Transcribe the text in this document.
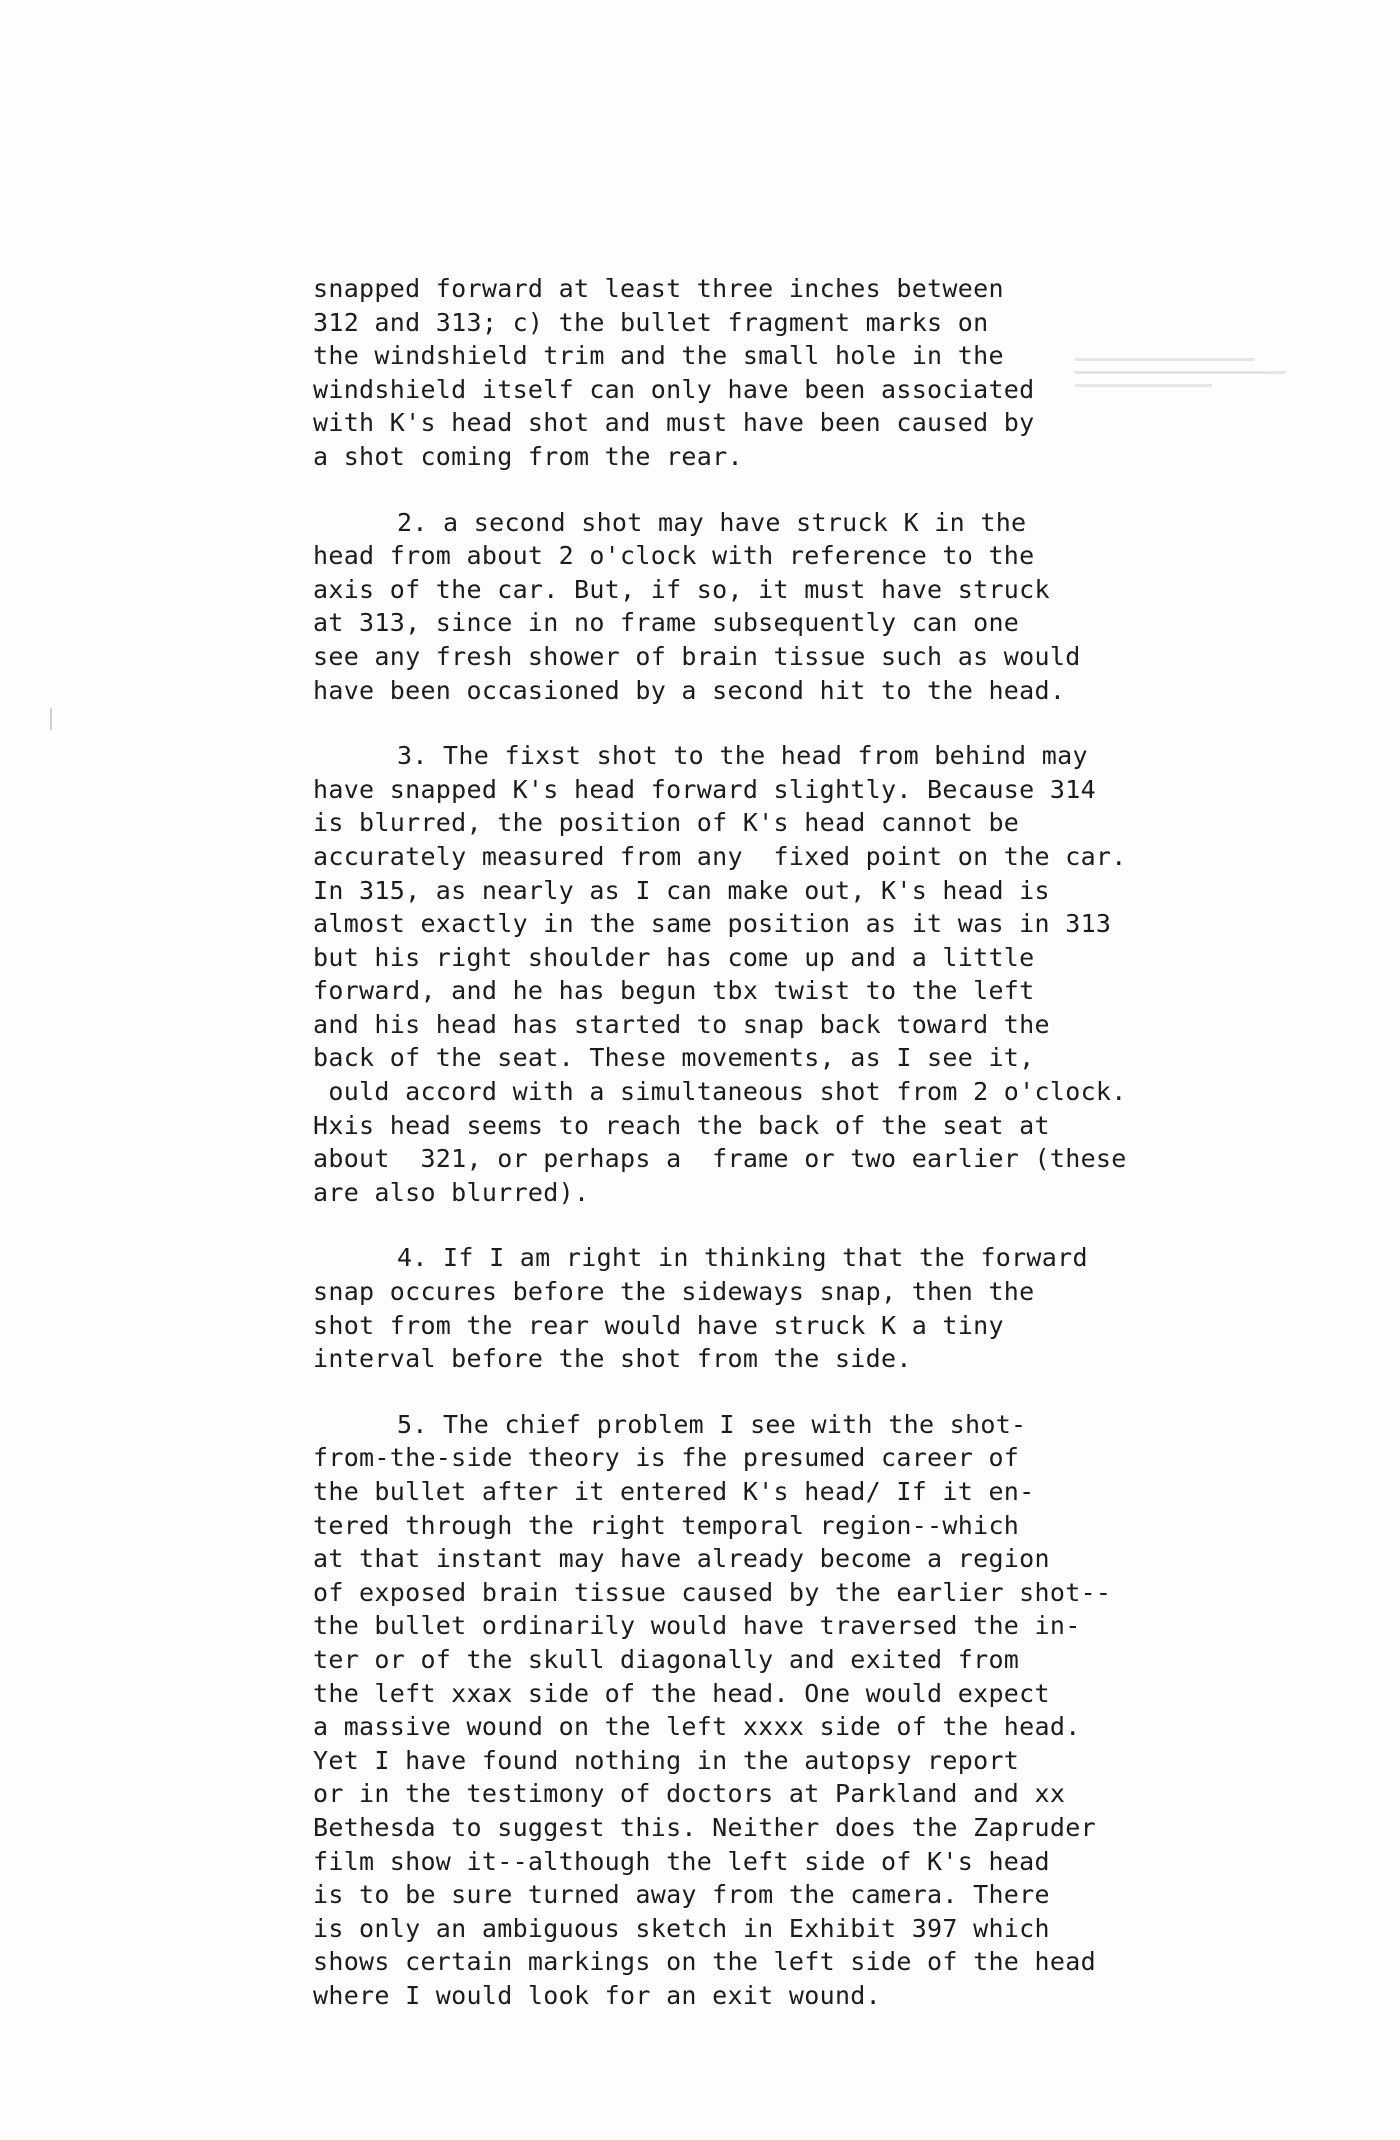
snapped forward at least three inches between
312 and 313; c) the bullet fragment marks on
the windshield trim and the small hole in the
windshield itself can only have been associated
with K's head shot and must have been caused by
a shot coming from the rear.
2. a second shot may have struck K in the
head from about 2 o'clock with reference to the
axis of the car. But, if so, it must have struck
at 313, since in no frame subsequently can one
see any fresh shower of brain tissue such as would
have been occasioned by a second hit to the head.
3. The fixst shot to the head from behind may
have snapped K's head forward slightly. Because 314
is blurred, the position of K's head cannot be
accurately measured from any  fixed point on the car.
In 315, as nearly as I can make out, K's head is
almost exactly in the same position as it was in 313
but his right shoulder has come up and a little
forward, and he has begun tbx twist to the left
and his head has started to snap back toward the
back of the seat. These movements, as I see it,
ould accord with a simultaneous shot from 2 o'clock.
Hxis head seems to reach the back of the seat at
about  321, or perhaps a  frame or two earlier (these
are also blurred).
4. If I am right in thinking that the forward
snap occures before the sideways snap, then the
shot from the rear would have struck K a tiny
interval before the shot from the side.
5. The chief problem I see with the shot-
from-the-side theory is fhe presumed career of
the bullet after it entered K's head/ If it en-
tered through the right temporal region--which
at that instant may have already become a region
of exposed brain tissue caused by the earlier shot--
the bullet ordinarily would have traversed the in-
ter or of the skull diagonally and exited from
the left xxax side of the head. One would expect
a massive wound on the left xxxx side of the head.
Yet I have found nothing in the autopsy report
or in the testimony of doctors at Parkland and xx
Bethesda to suggest this. Neither does the Zapruder
film show it--although the left side of K's head
is to be sure turned away from the camera. There
is only an ambiguous sketch in Exhibit 397 which
shows certain markings on the left side of the head
where I would look for an exit wound.
